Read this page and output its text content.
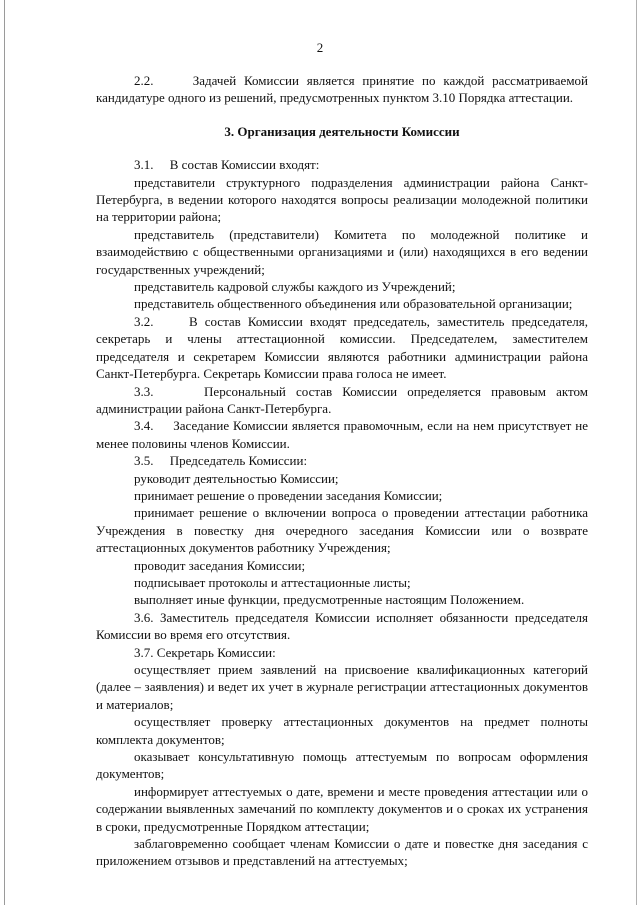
2

2.2.     Задачей Комиссии является принятие по каждой рассматриваемой кандидатуре одного из решений, предусмотренных пунктом 3.10 Порядка аттестации.

3. Организация деятельности Комиссии

3.1.     В состав Комиссии входят:

представители структурного подразделения администрации района Санкт-Петербурга, в ведении которого находятся вопросы реализации молодежной политики на территории района;

представитель (представители) Комитета по молодежной политике и взаимодействию с общественными организациями и (или) находящихся в его ведении государственных учреждений;

представитель кадровой службы каждого из Учреждений;

представитель общественного объединения или образовательной организации;

3.2.     В состав Комиссии входят председатель, заместитель председателя, секретарь и члены аттестационной комиссии. Председателем, заместителем председателя и секретарем Комиссии являются работники администрации района Санкт-Петербурга. Секретарь Комиссии права голоса не имеет.

3.3.     Персональный состав Комиссии определяется правовым актом администрации района Санкт-Петербурга.

3.4.     Заседание Комиссии является правомочным, если на нем присутствует не менее половины членов Комиссии.

3.5.     Председатель Комиссии:

руководит деятельностью Комиссии;

принимает решение о проведении заседания Комиссии;

принимает решение о включении вопроса о проведении аттестации работника Учреждения в повестку дня очередного заседания Комиссии или о возврате аттестационных документов работнику Учреждения;

проводит заседания Комиссии;

подписывает протоколы и аттестационные листы;

выполняет иные функции, предусмотренные настоящим Положением.

3.6. Заместитель председателя Комиссии исполняет обязанности председателя Комиссии во время его отсутствия.

3.7. Секретарь Комиссии:

осуществляет прием заявлений на присвоение квалификационных категорий (далее – заявления) и ведет их учет в журнале регистрации аттестационных документов и материалов;

осуществляет проверку аттестационных документов на предмет полноты комплекта документов;

оказывает консультативную помощь аттестуемым по вопросам оформления документов;

информирует аттестуемых о дате, времени и месте проведения аттестации или о содержании выявленных замечаний по комплекту документов и о сроках их устранения в сроки, предусмотренные Порядком аттестации;

заблаговременно сообщает членам Комиссии о дате и повестке дня заседания с приложением отзывов и представлений на аттестуемых;
